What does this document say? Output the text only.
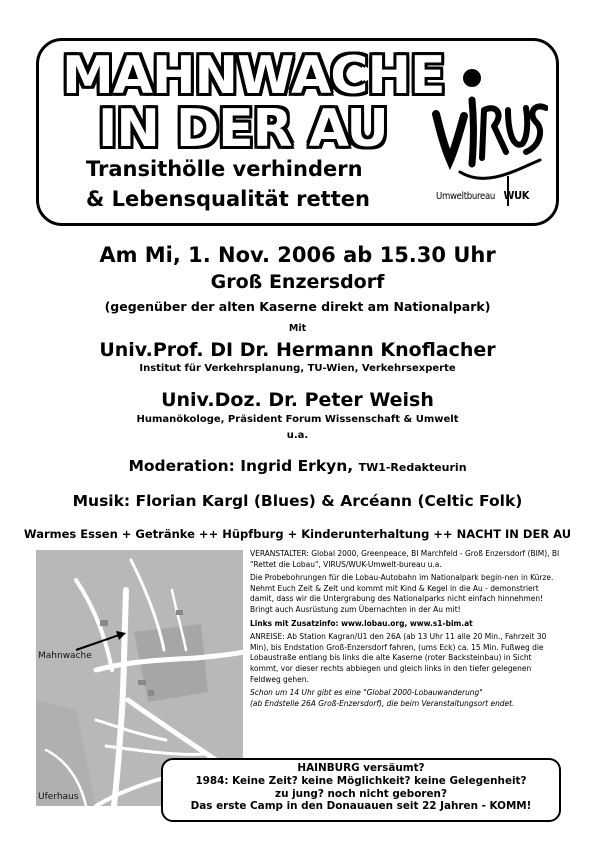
MAHNWACHE
IN DER AU
Transithölle verhindern
& Lebensqualität retten	Umweltbureau WUK
Am Mi, 1. Nov. 2006 ab 15.30 Uhr
Groß Enzersdorf
(gegenüber der alten Kaserne direkt am Nationalpark)
Mit
Univ.Prof. DI Dr. Hermann Knoflacher
Institut für Verkehrsplanung, TU-Wien, Verkehrsexperte
Univ.Doz. Dr. Peter Weish
Humanökologe, Präsident Forum Wissenschaft & Umwelt
u.a.
Moderation: Ingrid Erkyn, TW1-Redakteurin
Musik: Florian Kargl (Blues) & Arcéann (Celtic Folk)
Warmes Essen + Getränke ++ Hüpfburg + Kinderunterhaltung ++ NACHT IN DER AU
Mahnwache
Uferhaus

VERANSTALTER: Global 2000, Greenpeace, BI Marchfeld - Groß Enzersdorf (BIM), BI "Rettet die Lobau", VIRUS/WUK-Umwelt-bureau u.a.

Die Probebohrungen für die Lobau-Autobahn im Nationalpark begin-nen in Kürze. Nehmt Euch Zeit & Zelt und kommt mit Kind & Kegel in die Au - demonstriert damit, dass wir die Untergrabung des Nationalparks nicht einfach hinnehmen! Bringt auch Ausrüstung zum Übernachten in der Au mit!

Links mit Zusatzinfo: www.lobau.org, www.s1-bim.at

ANREISE: Ab Station Kagran/U1 den 26A (ab 13 Uhr 11 alle 20 Min., Fahrzeit 30 Min), bis Endstation Groß-Enzersdorf fahren, (ums Eck) ca. 15 Min. Fußweg die Lobaustraße entlang bis links die alte Kaserne (roter Backsteinbau) in Sicht kommt, vor dieser rechts abbiegen und gleich links in den tiefer gelegenen Feldweg gehen.

Schon um 14 Uhr gibt es eine "Global 2000-Lobauwanderung"

(ab Endstelle 26A Groß-Enzersdorf), die beim Veranstaltungsort endet.

HAINBURG versäumt?
1984: Keine Zeit? keine Möglichkeit? keine Gelegenheit?
zu jung? noch nicht geboren?
Das erste Camp in den Donauauen seit 22 Jahren - KOMM!
